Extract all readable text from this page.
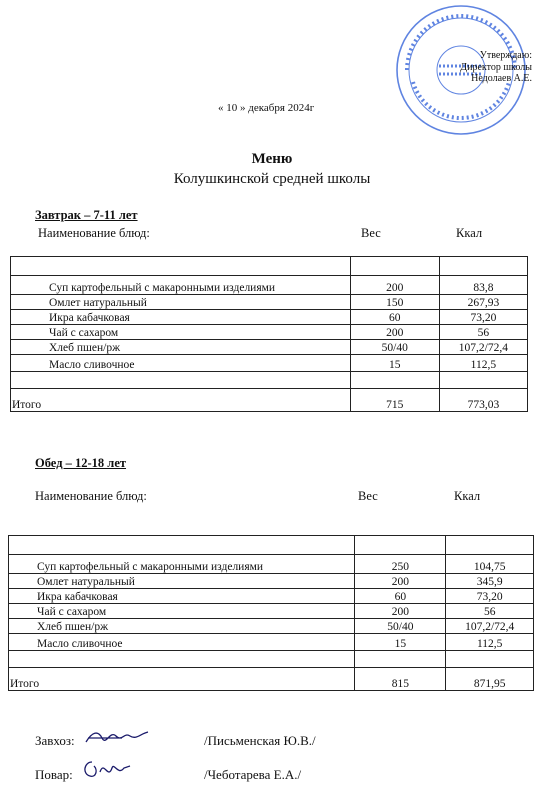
Утверждаю:
Директор школы
Недолаев А.Е.
« 10 » декабря 2024г
Меню
Колушкинской средней школы
Завтрак – 7-11 лет
Наименование блюд:	Вес	Ккал

Суп картофельный с макаронными изделиями	200	83,8
Омлет натуральный	150	267,93
Икра кабачковая	60	73,20
Чай с сахаром	200	56
Хлеб пшен/рж	50/40	107,2/72,4
Масло сливочное	15	112,5

Итого	715	773,03
Обед – 12-18 лет
Наименование блюд:	Вес	Ккал

Суп картофельный с макаронными изделиями	250	104,75
Омлет натуральный	200	345,9
Икра кабачковая	60	73,20
Чай с сахаром	200	56
Хлеб пшен/рж	50/40	107,2/72,4
Масло сливочное	15	112,5

Итого	815	871,95
Завхоз:	/Письменская Ю.В./
Повар:	/Чеботарева Е.А./
